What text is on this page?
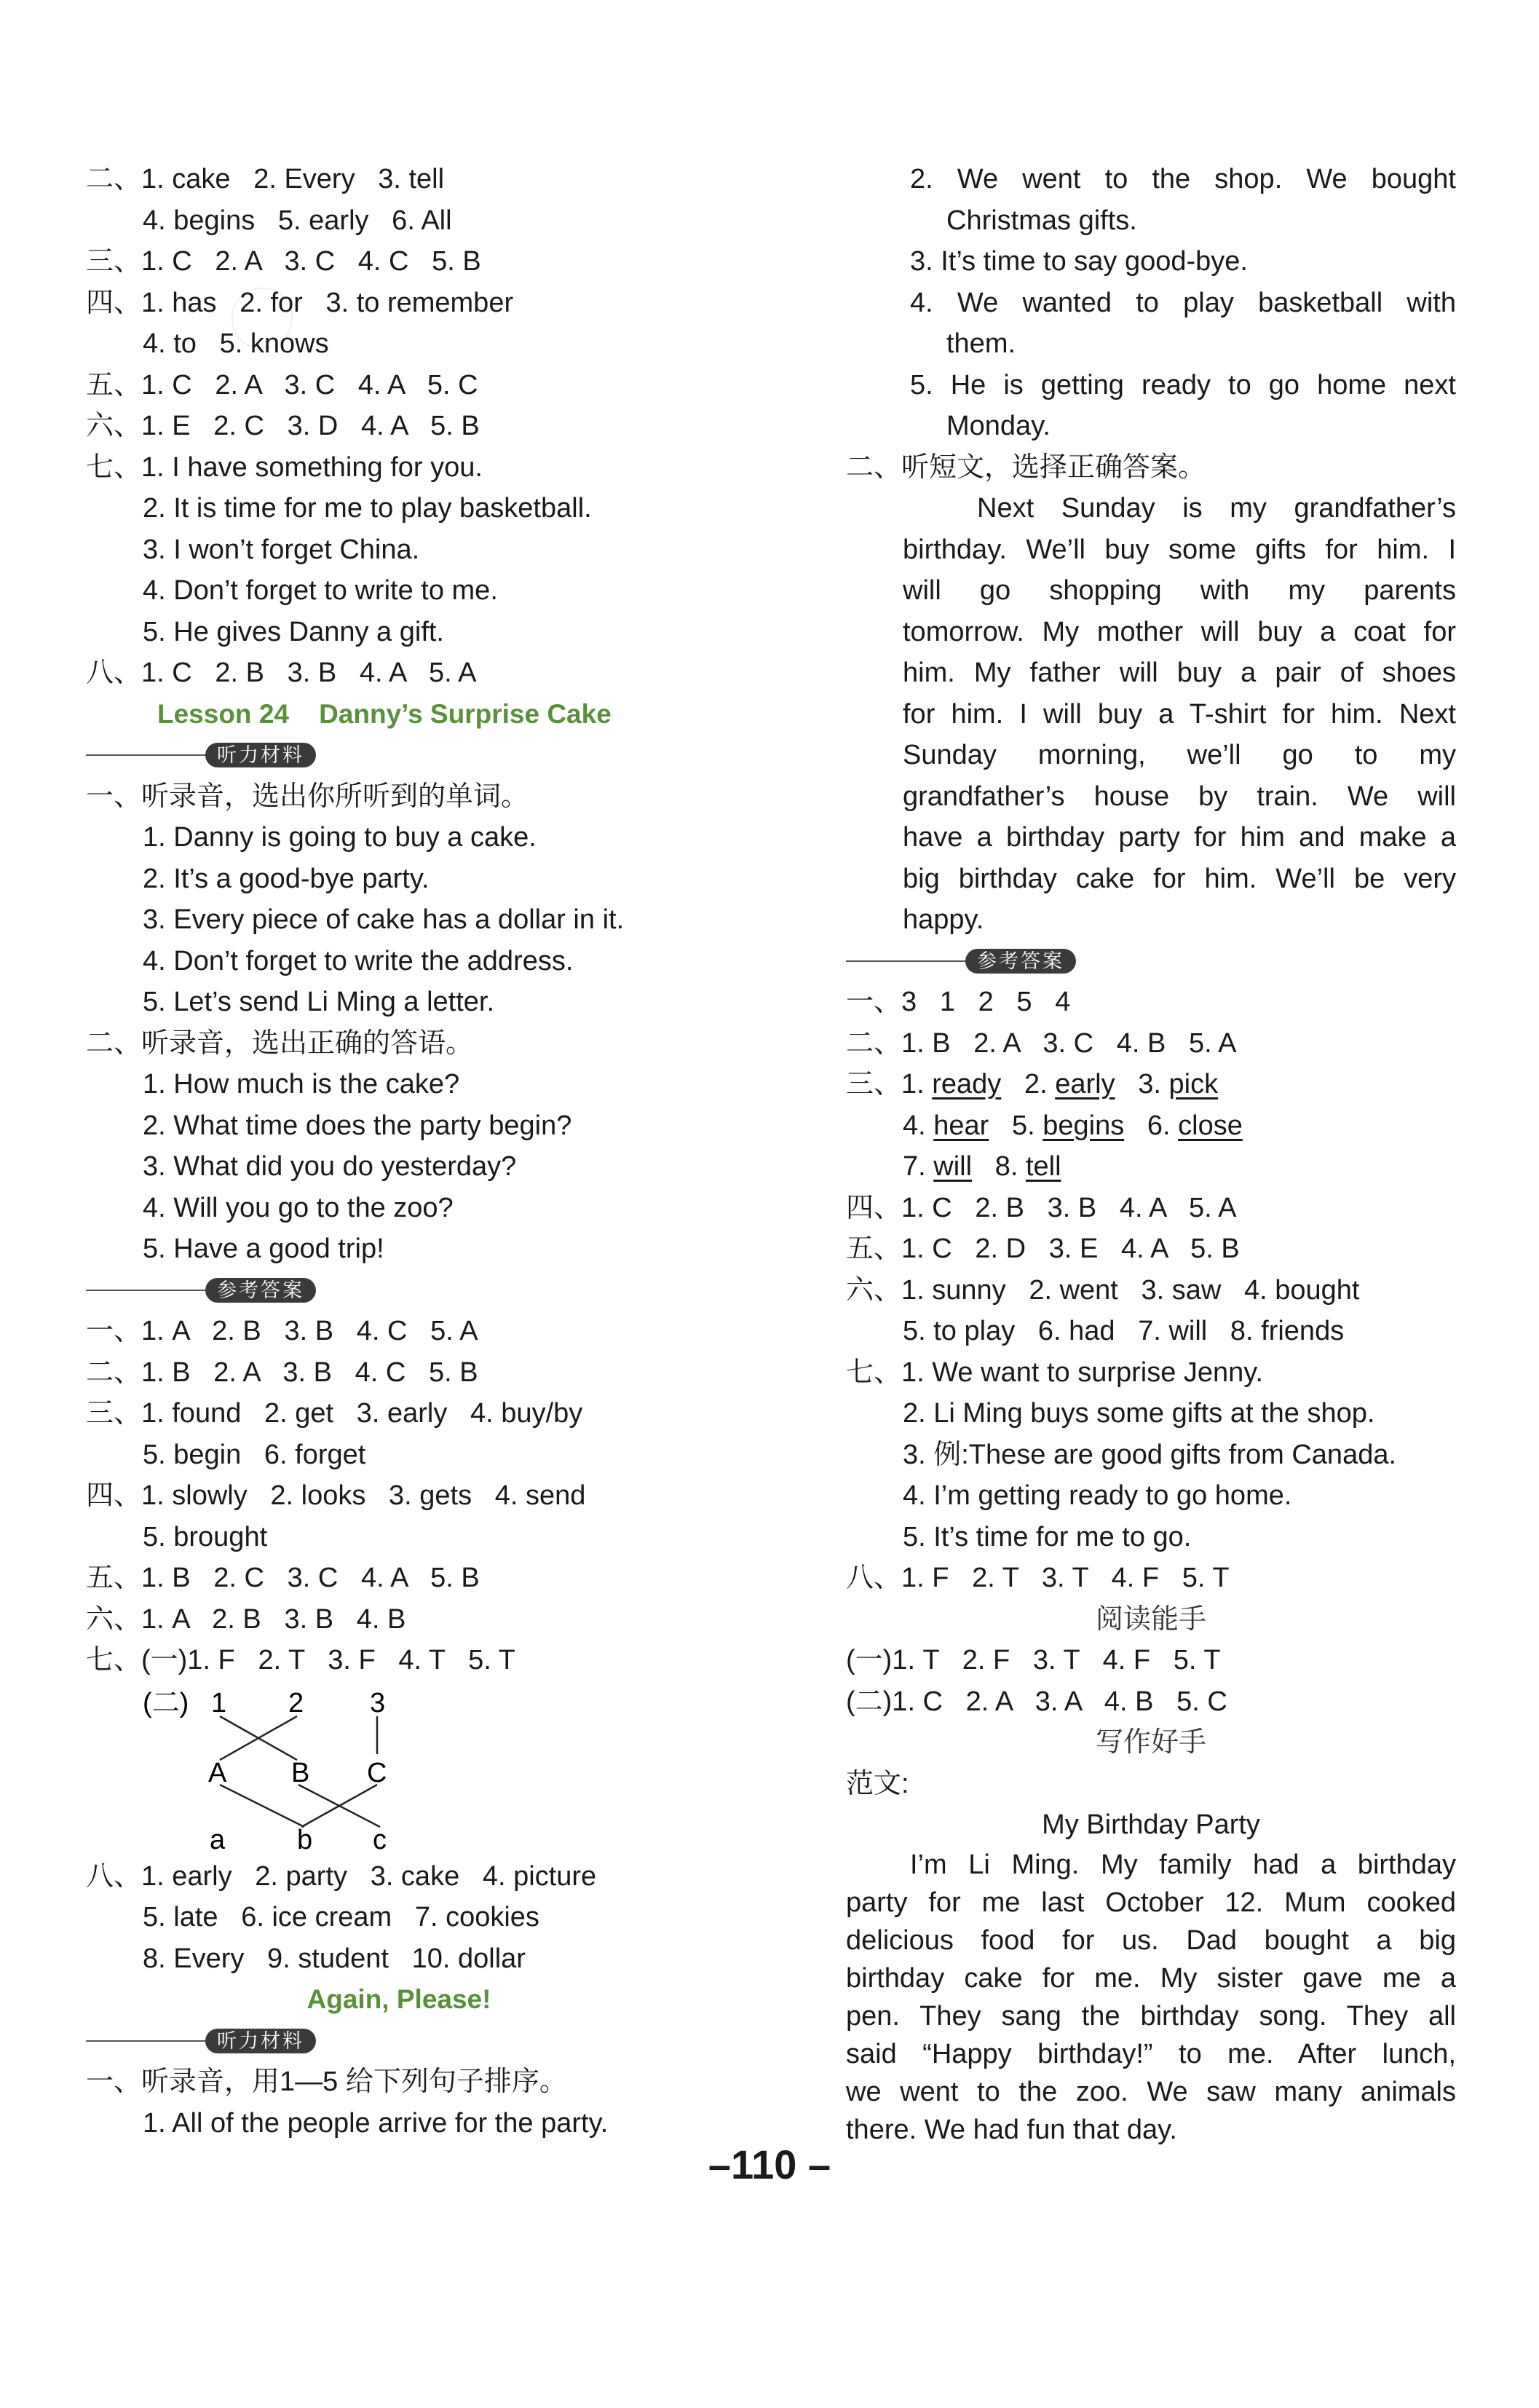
二、1. cake   2. Every   3. tell
4. begins   5. early   6. All
三、1. C   2. A   3. C   4. C   5. B
四、1. has   2. for   3. to remember
4. to   5. knows
五、1. C   2. A   3. C   4. A   5. C
六、1. E   2. C   3. D   4. A   5. B
七、1. I have something for you.
2. It is time for me to play basketball.
3. I won’t forget China.
4. Don’t forget to write to me.
5. He gives Danny a gift.
八、1. C   2. B   3. B   4. A   5. A
Lesson 24    Danny’s Surprise Cake
听力材料
一、听录音，选出你所听到的单词。
1. Danny is going to buy a cake.
2. It’s a good-bye party.
3. Every piece of cake has a dollar in it.
4. Don’t forget to write the address.
5. Let’s send Li Ming a letter.
二、听录音，选出正确的答语。
1. How much is the cake?
2. What time does the party begin?
3. What did you do yesterday?
4. Will you go to the zoo?
5. Have a good trip!
参考答案
一、1. A   2. B   3. B   4. C   5. A
二、1. B   2. A   3. B   4. C   5. B
三、1. found   2. get   3. early   4. buy/by
5. begin   6. forget
四、1. slowly   2. looks   3. gets   4. send
5. brought
五、1. B   2. C   3. C   4. A   5. B
六、1. A   2. B   3. B   4. B
七、(一)1. F   2. T   3. F   4. T   5. T
(二) 1 2 3
A B C
a	b c
八、1. early   2. party   3. cake   4. picture
5. late   6. ice cream   7. cookies
8. Every   9. student   10. dollar
Again, Please!
听力材料
一、听录音，用1—5 给下列句子排序。
1. All of the people arrive for the party.
2. We went to the shop. We bought
Christmas gifts.
3. It’s time to say good-bye.
4. We wanted to play basketball with
them.
5. He is getting ready to go home next
Monday.
二、听短文，选择正确答案。
Next Sunday is my grandfather’s
birthday. We’ll buy some gifts for him. I
will go shopping with my parents
tomorrow. My mother will buy a coat for
him. My father will buy a pair of shoes
for him. I will buy a T-shirt for him. Next
Sunday morning, we’ll go to my
grandfather’s house by train. We will
have a birthday party for him and make a
big birthday cake for him. We’ll be very
happy.
参考答案
一、3   1   2   5   4
二、1. B   2. A   3. C   4. B   5. A
三、1. ready   2. early   3. pick
4. hear   5. begins   6. close
7. will   8. tell
四、1. C   2. B   3. B   4. A   5. A
五、1. C   2. D   3. E   4. A   5. B
六、1. sunny   2. went   3. saw   4. bought
5. to play   6. had   7. will   8. friends
七、1. We want to surprise Jenny.
2. Li Ming buys some gifts at the shop.
3. 例:These are good gifts from Canada.
4. I’m getting ready to go home.
5. It’s time for me to go.
八、1. F   2. T   3. T   4. F   5. T
阅读能手
(一)1. T   2. F   3. T   4. F   5. T
(二)1. C   2. A   3. A   4. B   5. C
写作好手
范文:
My Birthday Party
I’m Li Ming. My family had a birthday
party for me last October 12. Mum cooked
delicious food for us. Dad bought a big
birthday cake for me. My sister gave me a
pen. They sang the birthday song. They all
said “Happy birthday!” to me. After lunch,
we went to the zoo. We saw many animals
there. We had fun that day.
–110 –
